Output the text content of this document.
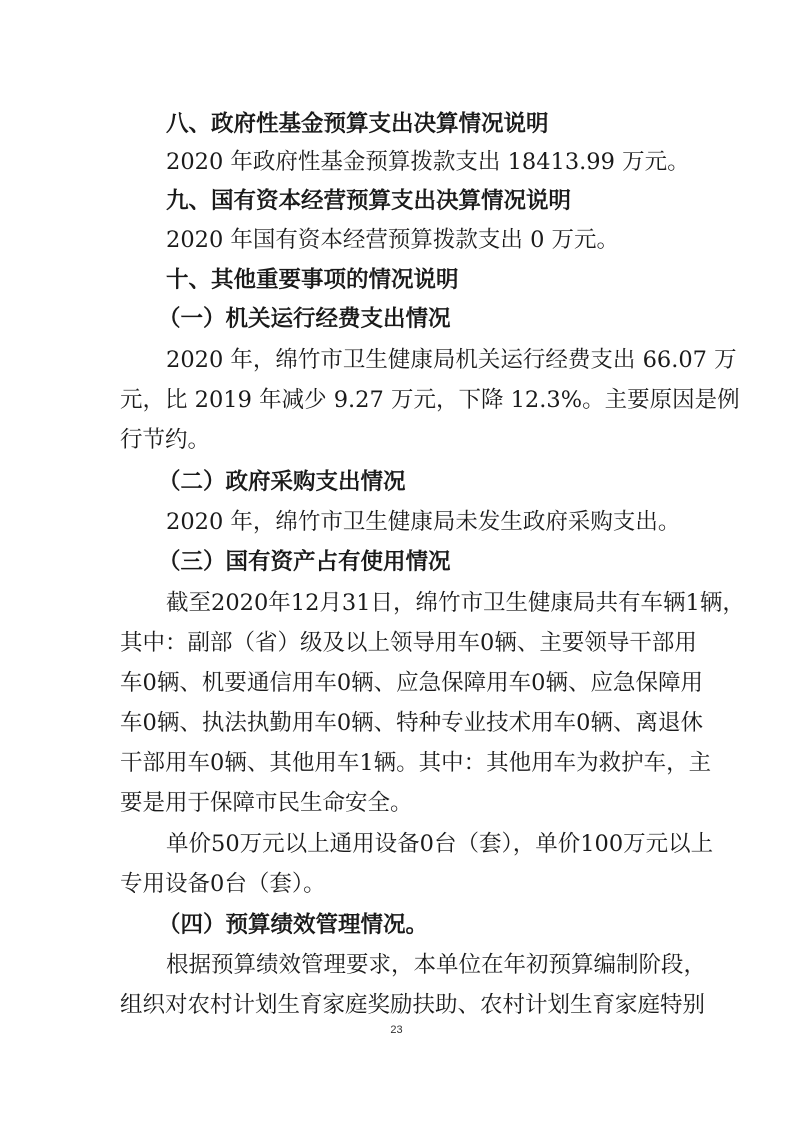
八、政府性基金预算支出决算情况说明
2020 年政府性基金预算拨款支出 18413.99 万元。
九、国有资本经营预算支出决算情况说明
2020 年国有资本经营预算拨款支出 0 万元。
十、其他重要事项的情况说明
（一）机关运行经费支出情况
2020 年，绵竹市卫生健康局机关运行经费支出 66.07 万
元，比 2019 年减少 9.27 万元，下降 12.3%。主要原因是例
行节约。
（二）政府采购支出情况
2020 年，绵竹市卫生健康局未发生政府采购支出。
（三）国有资产占有使用情况
截至2020年12月31日，绵竹市卫生健康局共有车辆1辆，
其中：副部（省）级及以上领导用车0辆、主要领导干部用
车0辆、机要通信用车0辆、应急保障用车0辆、应急保障用
车0辆、执法执勤用车0辆、特种专业技术用车0辆、离退休
干部用车0辆、其他用车1辆。其中：其他用车为救护车，主
要是用于保障市民生命安全。
单价50万元以上通用设备0台（套），单价100万元以上
专用设备0台（套）。
（四）预算绩效管理情况。
根据预算绩效管理要求，本单位在年初预算编制阶段，
组织对农村计划生育家庭奖励扶助、农村计划生育家庭特别
23
